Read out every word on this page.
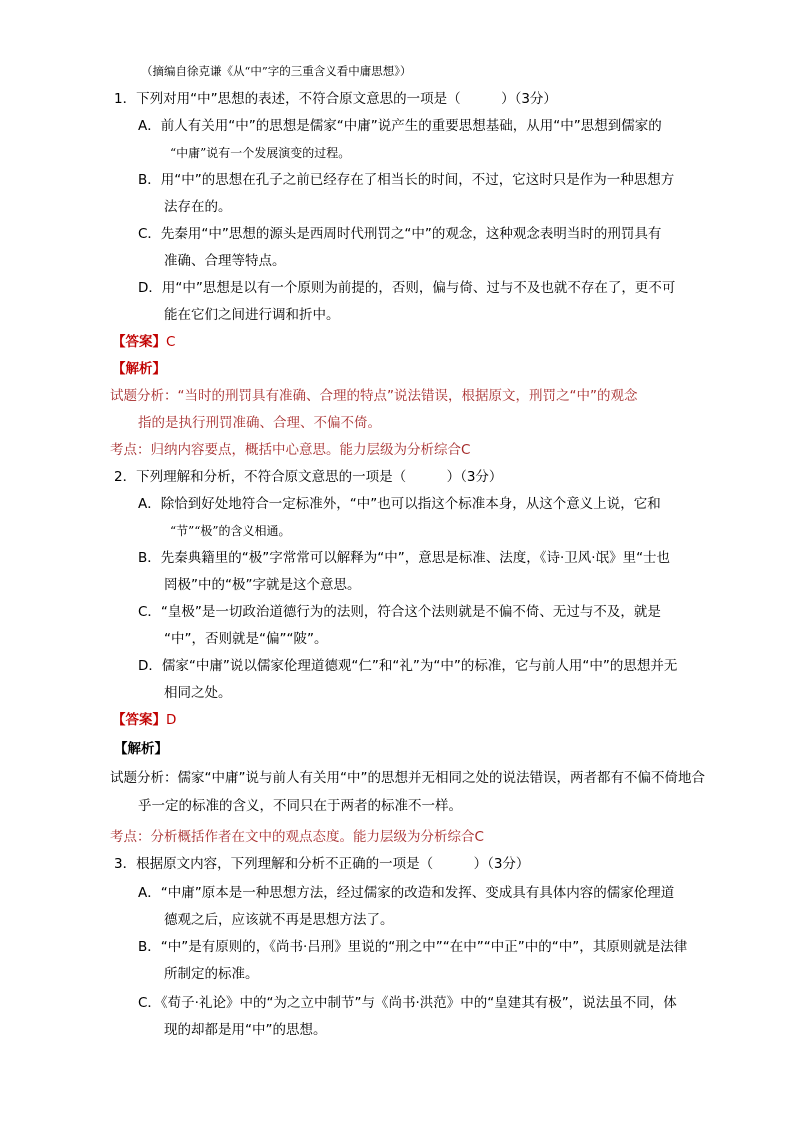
（摘编自徐克谦《从“中”字的三重含义看中庸思想》）
1．下列对用“中”思想的表述，不符合原文意思的一项是（　　　）（3分）
A．前人有关用“中”的思想是儒家“中庸”说产生的重要思想基础，从用“中”思想到儒家的
“中庸”说有一个发展演变的过程。
B．用“中”的思想在孔子之前已经存在了相当长的时间，不过，它这时只是作为一种思想方
法存在的。
C．先秦用“中”思想的源头是西周时代刑罚之“中”的观念，这种观念表明当时的刑罚具有
准确、合理等特点。
D．用“中”思想是以有一个原则为前提的，否则，偏与倚、过与不及也就不存在了，更不可
能在它们之间进行调和折中。
【答案】C
【解析】
试题分析：“当时的刑罚具有准确、合理的特点”说法错误，根据原文，刑罚之“中”的观念
指的是执行刑罚准确、合理、不偏不倚。
考点：归纳内容要点，概括中心意思。能力层级为分析综合C
2．下列理解和分析，不符合原文意思的一项是（　　　）（3分）
A．除恰到好处地符合一定标准外，“中”也可以指这个标准本身，从这个意义上说，它和
“节”“极”的含义相通。
B．先秦典籍里的“极”字常常可以解释为“中”，意思是标准、法度，《诗·卫风·氓》里“士也
罔极”中的“极”字就是这个意思。
C．“皇极”是一切政治道德行为的法则，符合这个法则就是不偏不倚、无过与不及，就是
“中”，否则就是“偏”“陂”。
D．儒家“中庸”说以儒家伦理道德观“仁”和“礼”为“中”的标准，它与前人用“中”的思想并无
相同之处。
【答案】D
【解析】
试题分析：儒家“中庸”说与前人有关用“中”的思想并无相同之处的说法错误，两者都有不偏不倚地合
乎一定的标准的含义，不同只在于两者的标准不一样。
考点：分析概括作者在文中的观点态度。能力层级为分析综合C
3．根据原文内容，下列理解和分析不正确的一项是（　　　）（3分）
A．“中庸”原本是一种思想方法，经过儒家的改造和发挥、变成具有具体内容的儒家伦理道
德观之后，应该就不再是思想方法了。
B．“中”是有原则的，《尚书·吕刑》里说的“刑之中”“在中”“中正”中的“中”，其原则就是法律
所制定的标准。
C．《荀子·礼论》中的“为之立中制节”与《尚书·洪范》中的“皇建其有极”，说法虽不同，体
现的却都是用“中”的思想。
